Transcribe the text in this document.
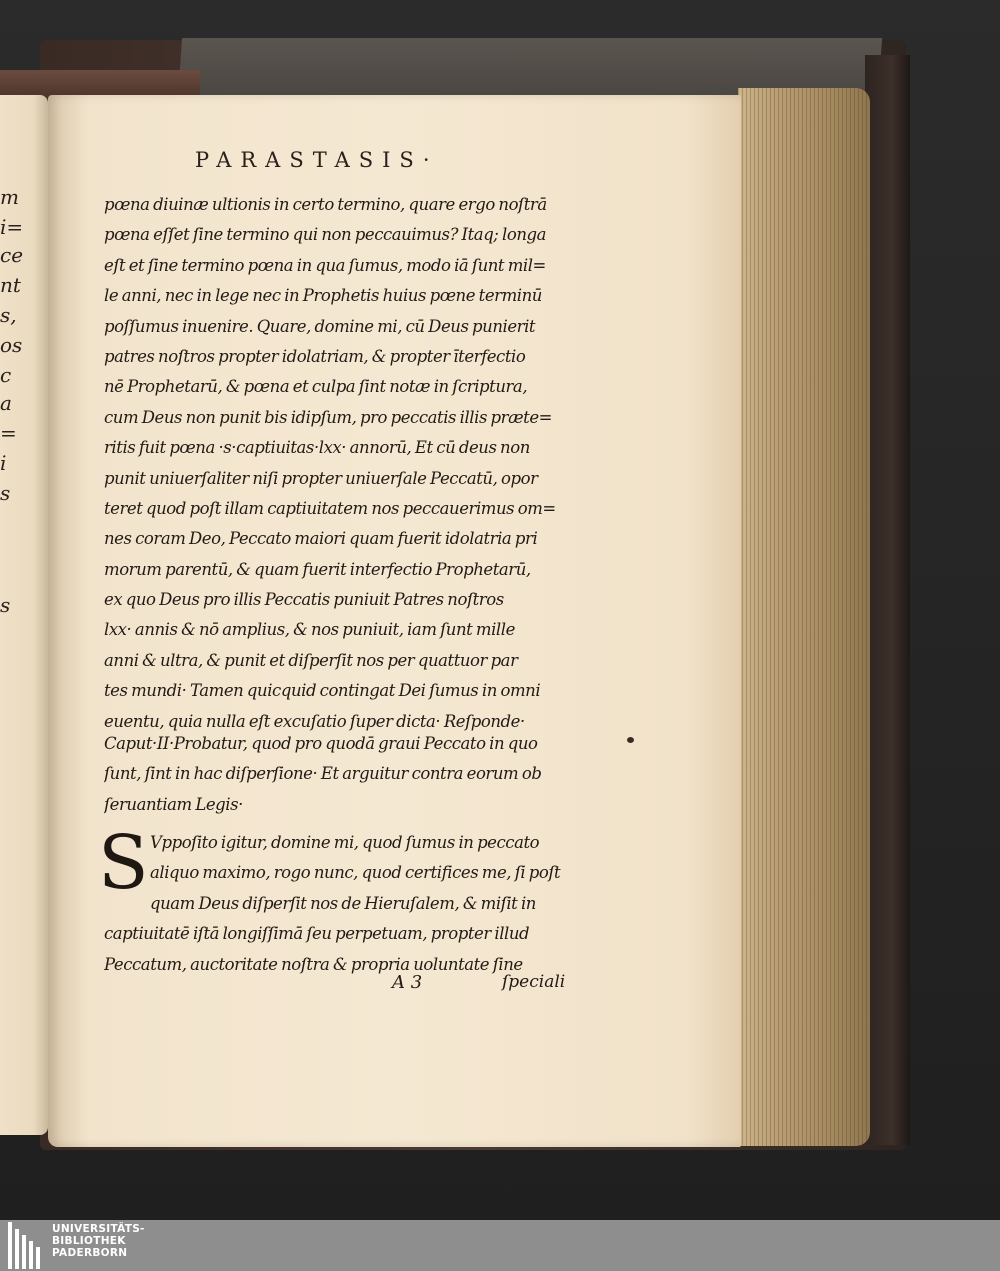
m
i=
ce
nt
s,
os
c
a
=
i
s
s
PARASTASIS·
pœna diuinæ ultionis in certo termino, quare ergo noſtrā
pœna eſſet ſine termino qui non peccauimus? Itaq; longa
eſt et ſine termino pœna in qua ſumus, modo iā ſunt mil=
le anni, nec in lege nec in Prophetis huius pœne terminū
poſſumus inuenire. Quare, domine mi, cū Deus punierit
patres noſtros propter idolatriam, & propter īterfectio
nē Prophetarū, & pœna et culpa ſint notæ in ſcriptura,
cum Deus non punit bis idipſum, pro peccatis illis præte=
ritis fuit pœna ·s·captiuitas·lxx· annorū, Et cū deus non
punit uniuerſaliter niſi propter uniuerſale Peccatū, opor
teret quod poſt illam captiuitatem nos peccauerimus om=
nes coram Deo, Peccato maiori quam fuerit idolatria pri
morum parentū, & quam fuerit interfectio Prophetarū,
ex quo Deus pro illis Peccatis puniuit Patres noſtros
lxx· annis & nō amplius, & nos puniuit, iam ſunt mille
anni & ultra, & punit et diſperſit nos per quattuor par
tes mundi· Tamen quicquid contingat Dei ſumus in omni
euentu, quia nulla eſt excuſatio ſuper dicta· Reſponde·
Caput·II·Probatur, quod pro quodā graui Peccato in quo
ſunt, ſint in hac diſperſione· Et arguitur contra eorum ob
ſeruantiam Legis·
S Vppoſito igitur, domine mi, quod ſumus in peccato
aliquo maximo, rogo nunc, quod certifices me, ſi poſt
quam Deus diſperſit nos de Hieruſalem, & miſit in
captiuitatē iſtā longiſſimā ſeu perpetuam, propter illud
Peccatum, auctoritate noſtra & propria uoluntate ſine
A 3	ſpeciali
UNIVERSITÄTS-
BIBLIOTHEK
PADERBORN
